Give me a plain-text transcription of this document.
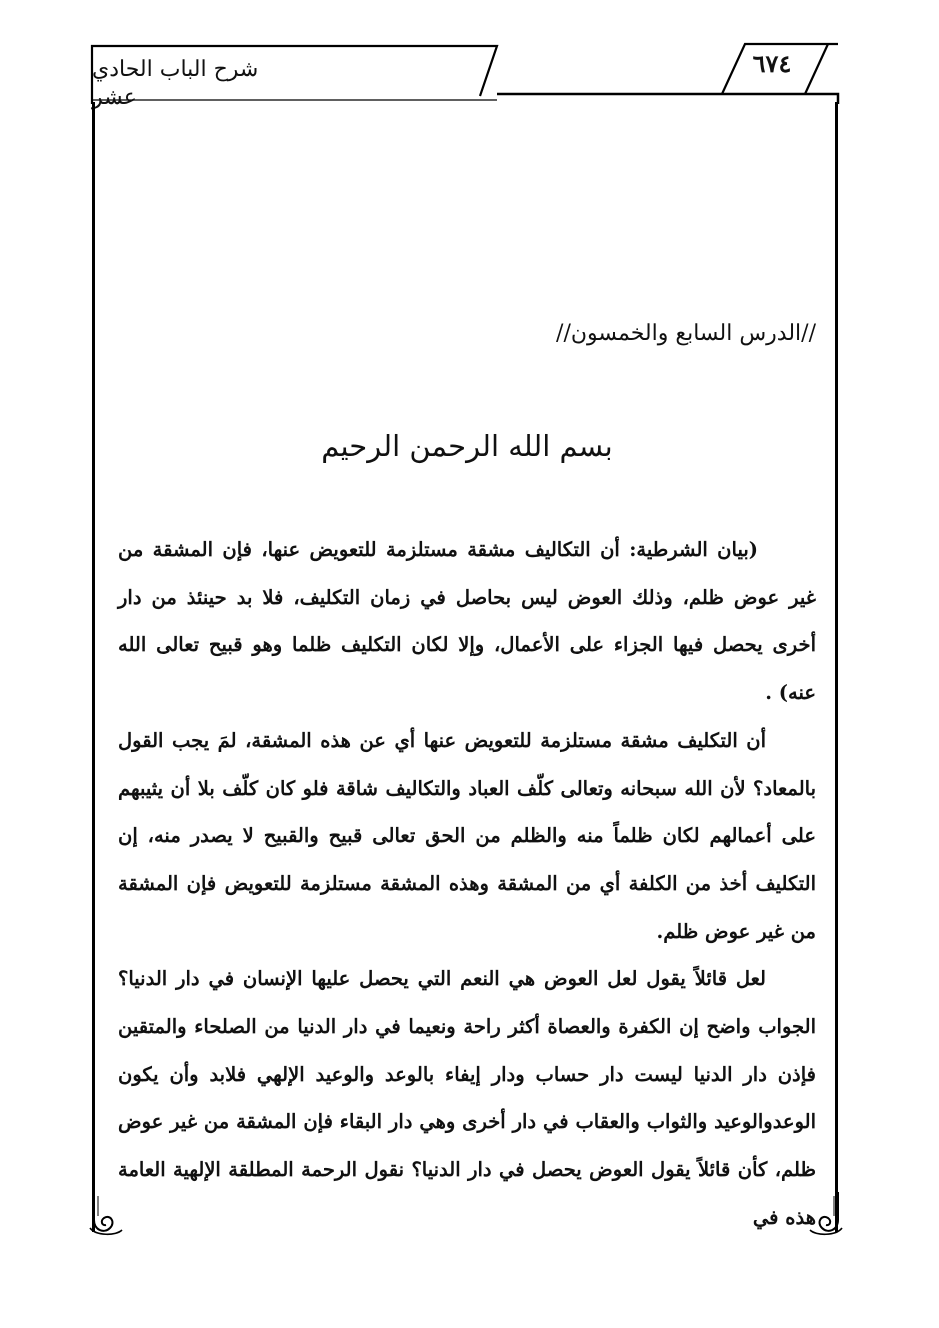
شرح الباب الحادي عشر
٦٧٤

//الدرس السابع والخمسون//

بسم الله الرحمن الرحيم

(بيان الشرطية: أن التكاليف مشقة مستلزمة للتعويض عنها، فإن المشقة من غير عوض ظلم، وذلك العوض ليس بحاصل في زمان التكليف، فلا بد حينئذ من دار أخرى يحصل فيها الجزاء على الأعمال، وإلا لكان التكليف ظلما وهو قبيح تعالى الله عنه) .

أن التكليف مشقة مستلزمة للتعويض عنها أي عن هذه المشقة، لمَ يجب القول بالمعاد؟ لأن الله سبحانه وتعالى كلّف العباد والتكاليف شاقة فلو كان كلّف بلا أن يثيبهم على أعمالهم لكان ظلماً منه والظلم من الحق تعالى قبيح والقبيح لا يصدر منه، إن التكليف أخذ من الكلفة أي من المشقة وهذه المشقة مستلزمة للتعويض فإن المشقة من غير عوض ظلم.

لعل قائلاً يقول لعل العوض هي النعم التي يحصل عليها الإنسان في دار الدنيا؟ الجواب واضح إن الكفرة والعصاة أكثر راحة ونعيما في دار الدنيا من الصلحاء والمتقين فإذن دار الدنيا ليست دار حساب ودار إيفاء بالوعد والوعيد الإلهي فلابد وأن يكون الوعدوالوعيد والثواب والعقاب في دار أخرى وهي دار البقاء فإن المشقة من غير عوض ظلم، كأن قائلاً يقول العوض يحصل في دار الدنيا؟ نقول الرحمة المطلقة الإلهية العامة هذه في
